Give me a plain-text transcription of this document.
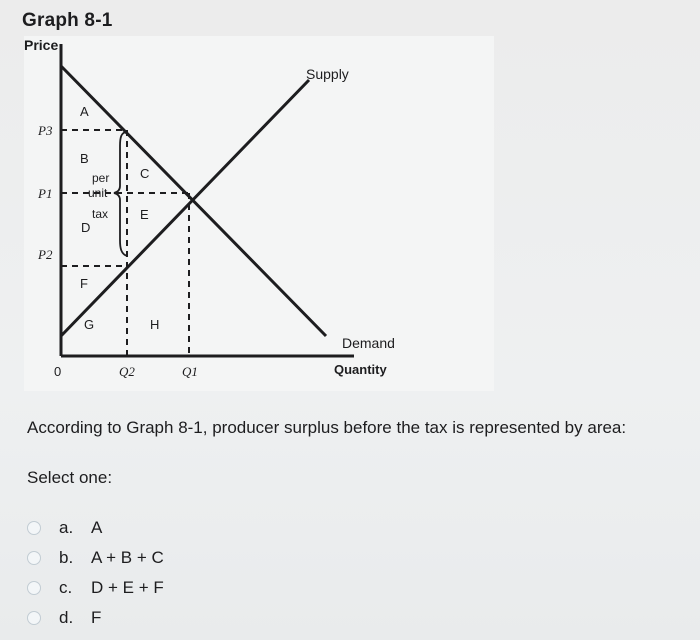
Graph 8-1
Price
0	Quantity
P3
P1
P2
Q2	Q1
Supply
Demand
A
B
C
D
E
F
G	H
per
unit
tax
According to Graph 8-1, producer surplus before the tax is represented by area:
Select one:
a.	A
b.	A + B + C
c.	D + E + F
d.	F
